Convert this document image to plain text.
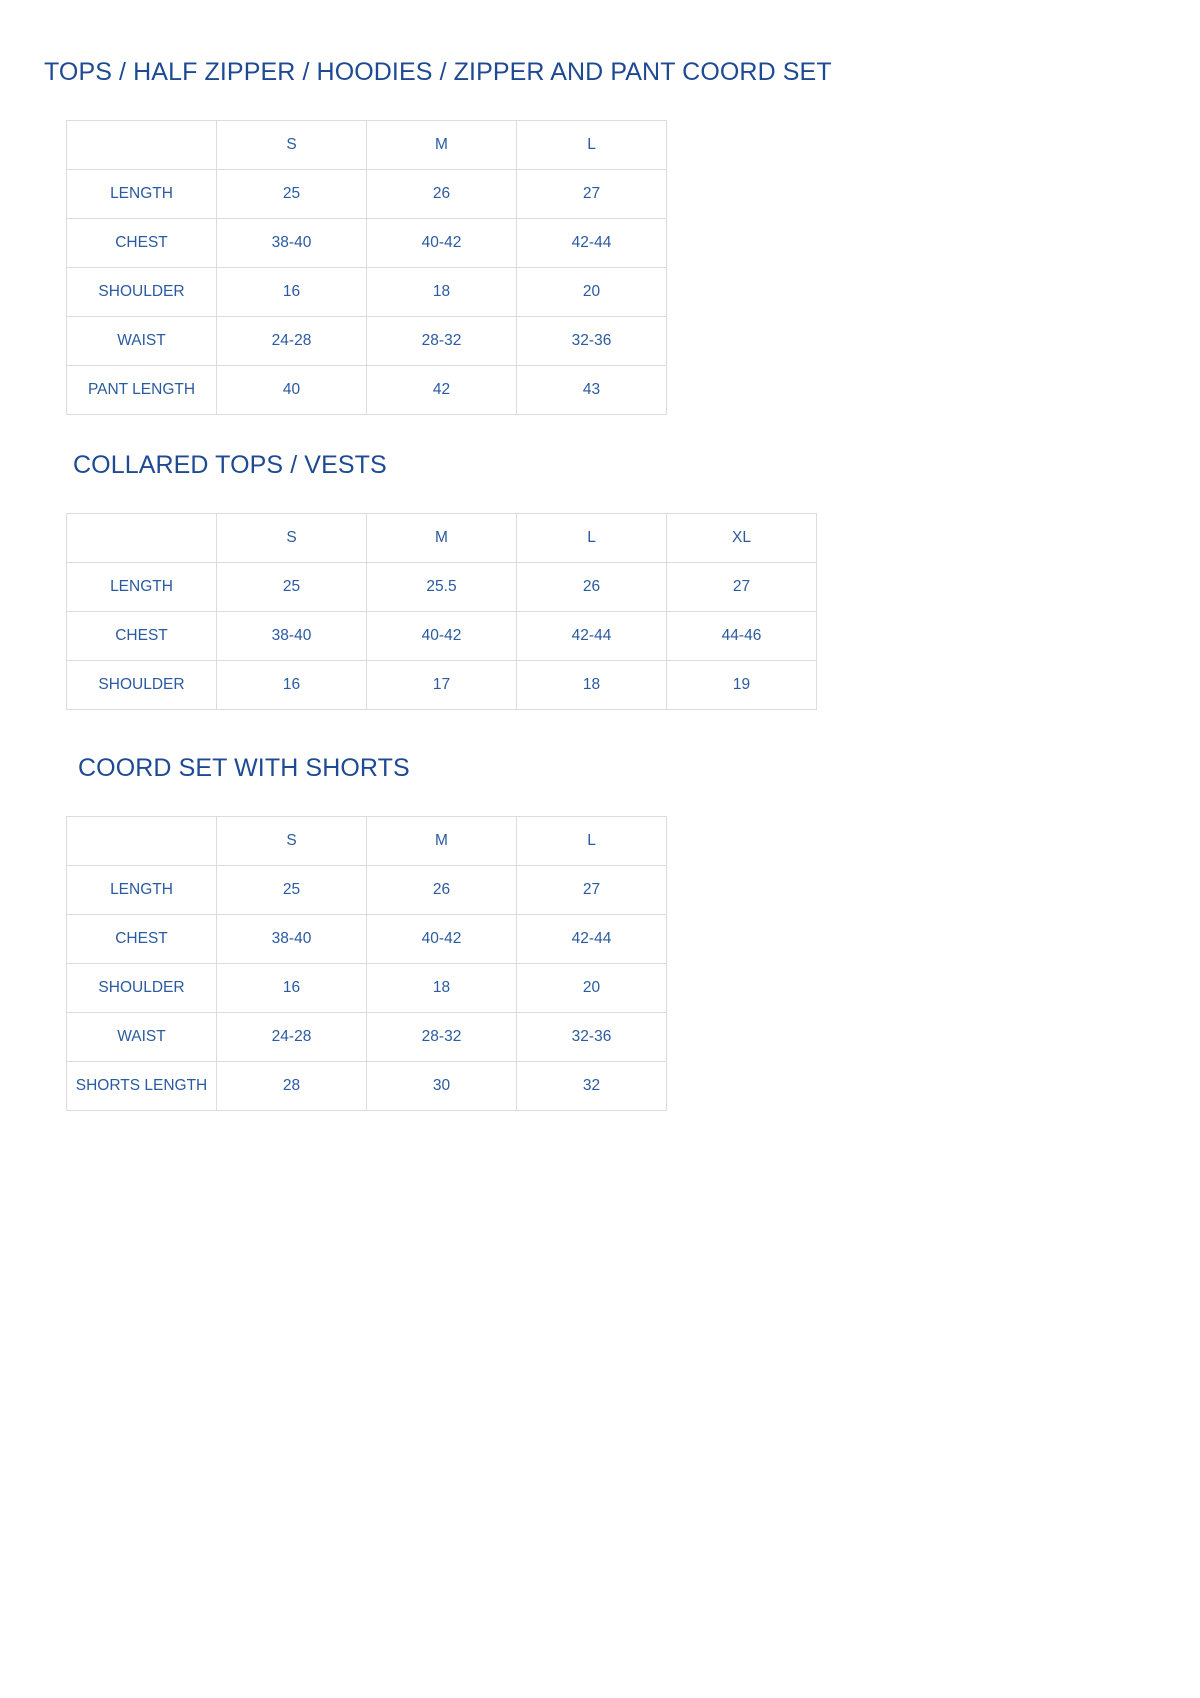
TOPS / HALF ZIPPER / HOODIES / ZIPPER AND PANT COORD SET
	S	M	L
LENGTH	25	26	27
CHEST	38-40	40-42	42-44
SHOULDER	16	18	20
WAIST	24-28	28-32	32-36
PANT LENGTH	40	42	43
COLLARED TOPS / VESTS
	S	M	L	XL
LENGTH	25	25.5	26	27
CHEST	38-40	40-42	42-44	44-46
SHOULDER	16	17	18	19
COORD SET WITH SHORTS
	S	M	L
LENGTH	25	26	27
CHEST	38-40	40-42	42-44
SHOULDER	16	18	20
WAIST	24-28	28-32	32-36
SHORTS LENGTH	28	30	32
